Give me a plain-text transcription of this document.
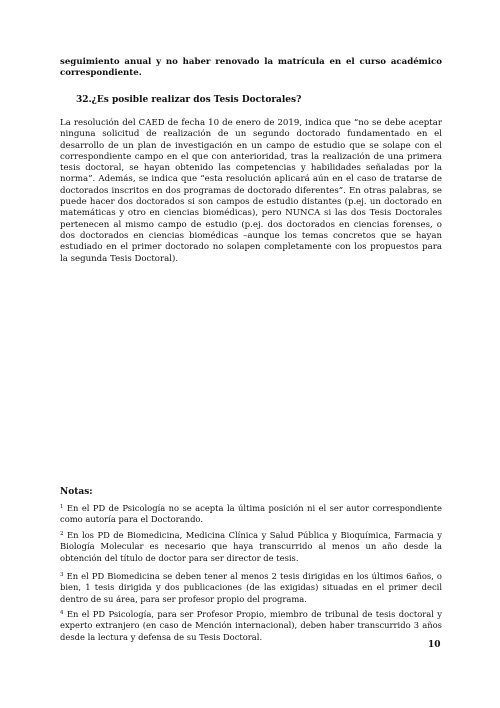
seguimiento anual y no haber renovado la matrícula en el curso académico correspondiente.
32.¿Es posible realizar dos Tesis Doctorales?
La resolución del CAED de fecha 10 de enero de 2019, indica que “no se debe aceptar ninguna solicitud de realización de un segundo doctorado fundamentado en el desarrollo de un plan de investigación en un campo de estudio que se solape con el correspondiente campo en el que con anterioridad, tras la realización de una primera tesis doctoral, se hayan obtenido las competencias y habilidades señaladas por la norma”. Además, se indica que “esta resolución aplicará aún en el caso de tratarse de doctorados inscritos en dos programas de doctorado diferentes”. En otras palabras, se puede hacer dos doctorados si son campos de estudio distantes (p.ej. un doctorado en matemáticas y otro en ciencias biomédicas), pero NUNCA si las dos Tesis Doctorales pertenecen al mismo campo de estudio (p.ej. dos doctorados en ciencias forenses, o dos doctorados en ciencias biomédicas –aunque los temas concretos que se hayan estudiado en el primer doctorado no solapen completamente con los propuestos para la segunda Tesis Doctoral).
Notas:
$^1$ En el PD de Psicología no se acepta la última posición ni el ser autor correspondiente como autoría para el Doctorando.
$^2$ En los PD de Biomedicina, Medicina Clínica y Salud Pública y Bioquímica, Farmacia y Biología Molecular es necesario que haya transcurrido al menos un año desde la obtención del título de doctor para ser director de tesis.
$^3$ En el PD Biomedicina se deben tener al menos 2 tesis dirigidas en los últimos 6años, o bien, 1 tesis dirigida y dos publicaciones (de las exigidas) situadas en el primer decil dentro de su área, para ser profesor propio del programa.
$^4$ En el PD Psicología, para ser Profesor Propio, miembro de tribunal de tesis doctoral y experto extranjero (en caso de Mención internacional), deben haber transcurrido 3 años desde la lectura y defensa de su Tesis Doctoral.
10
